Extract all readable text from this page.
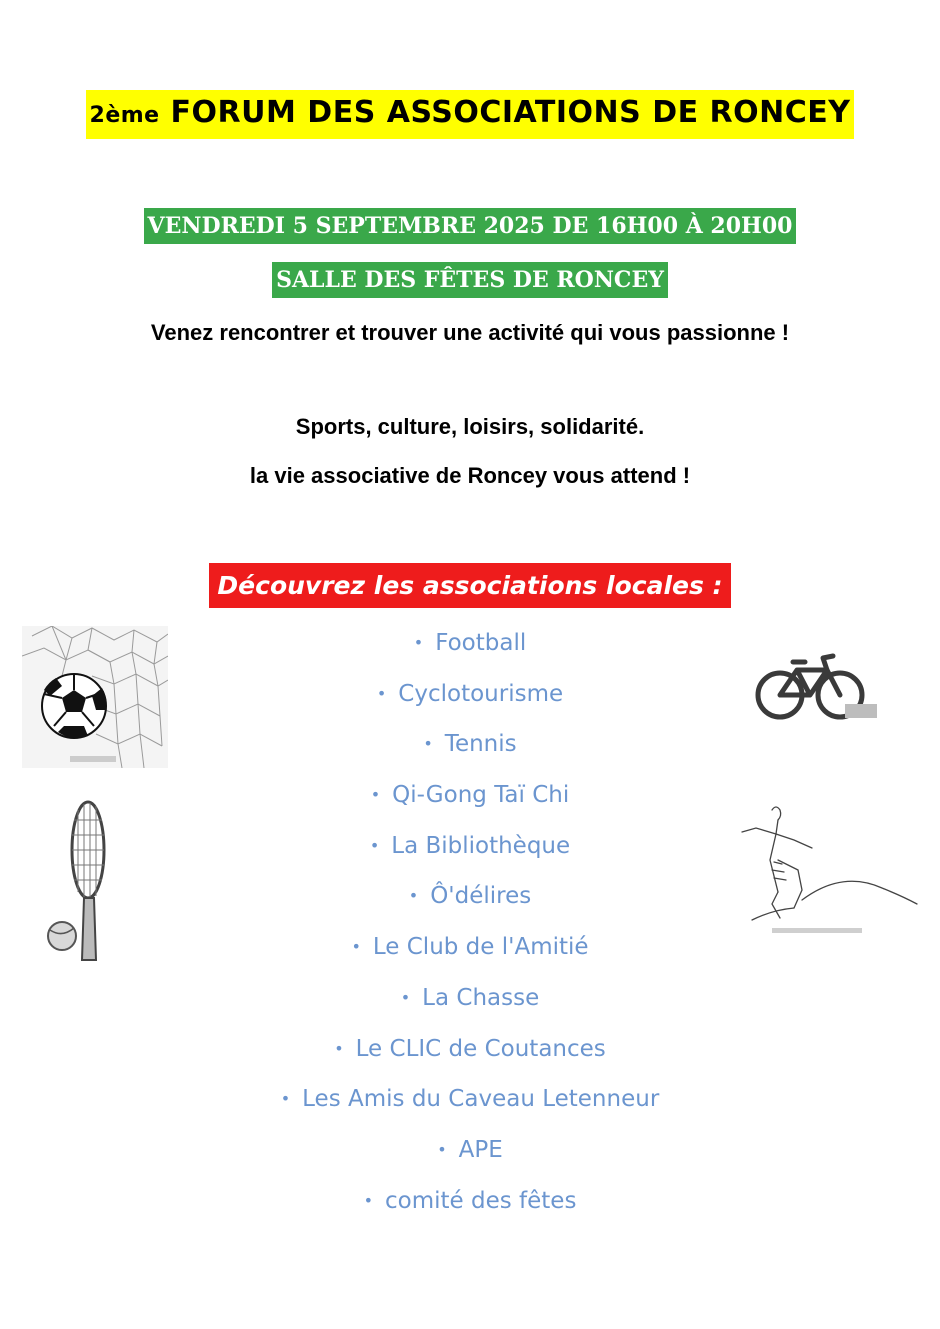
2ème FORUM DES ASSOCIATIONS DE RONCEY
VENDREDI 5 SEPTEMBRE 2025 DE 16H00 À 20H00
SALLE DES FÊTES DE RONCEY
Venez rencontrer et trouver une activité qui vous passionne !
Sports, culture, loisirs, solidarité.
la vie associative de Roncey vous attend !
Découvrez les associations locales :
• Football
• Cyclotourisme
• Tennis
• Qi-Gong Taï Chi
• La Bibliothèque
• Ô'délires
• Le Club de l'Amitié
• La Chasse
• Le CLIC de Coutances
• Les Amis du Caveau Letenneur
• APE
• comité des fêtes
